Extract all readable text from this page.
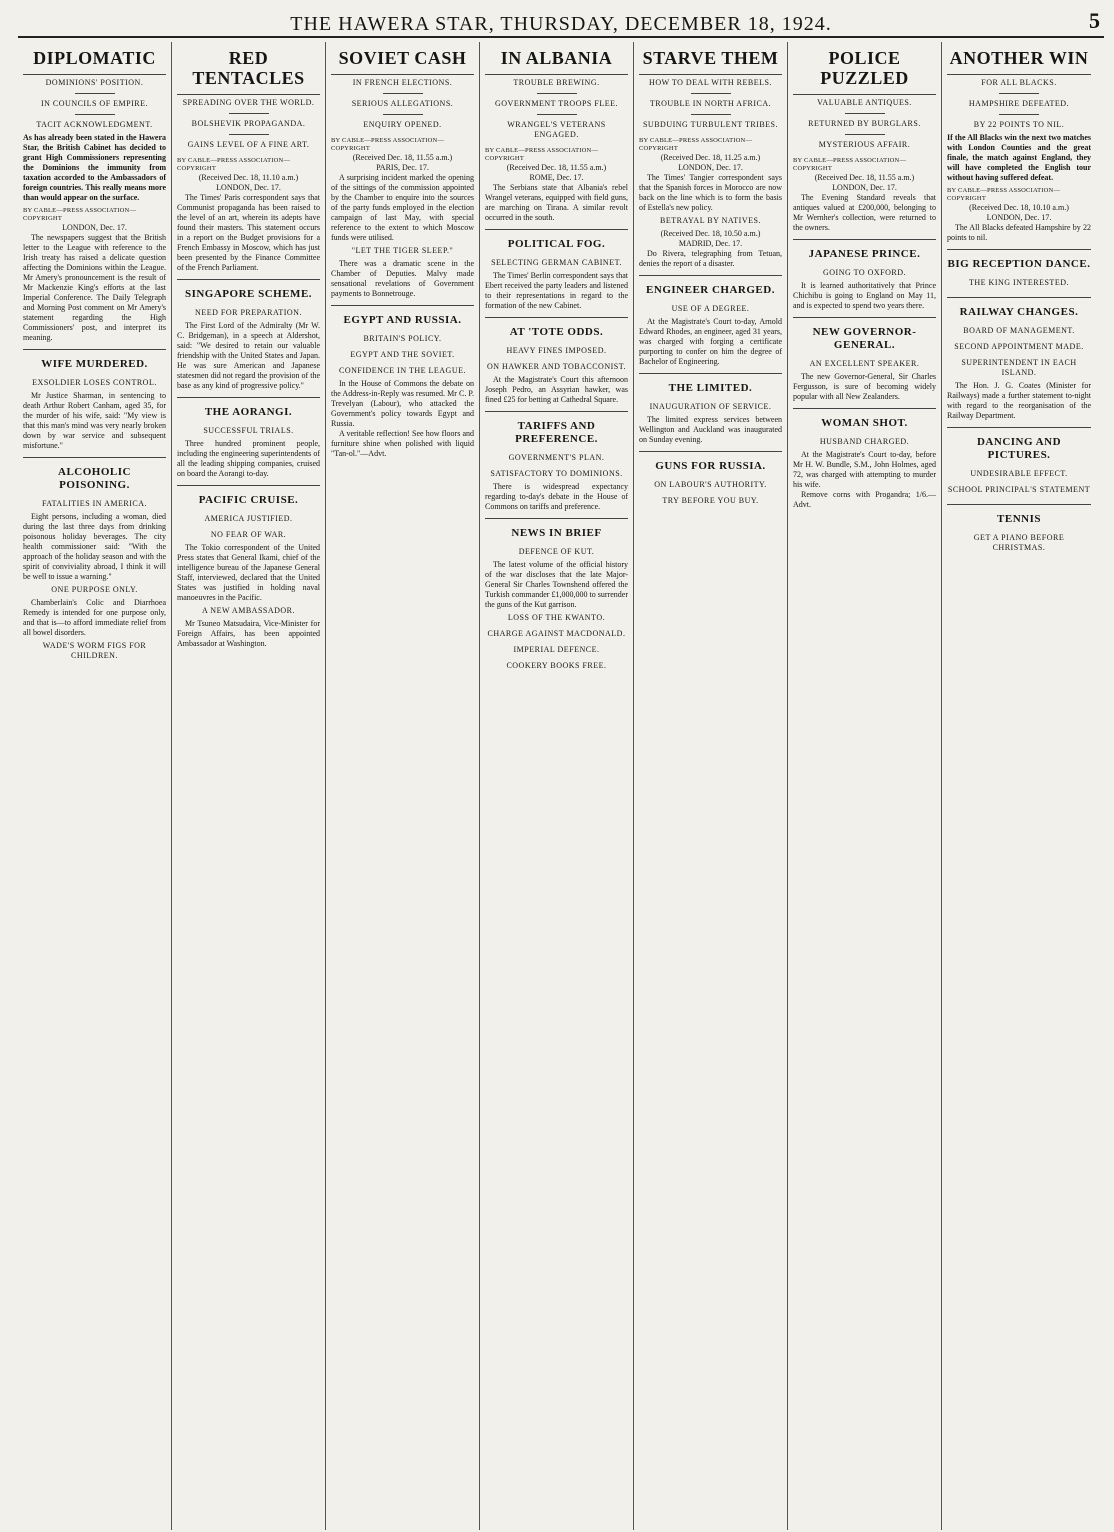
THE HAWERA STAR, THURSDAY, DECEMBER 18, 1924.	5
DIPLOMATIC
DOMINIONS' POSITION.
IN COUNCILS OF EMPIRE.
TACIT ACKNOWLEDGMENT.
As has already been stated in the Hawera Star, the British Cabinet has decided to grant High Commissioners representing the Dominions the immunity from taxation accorded to the Ambassadors of foreign countries. This really means more than would appear on the surface.
BY CABLE—PRESS ASSOCIATION—COPYRIGHT
LONDON, Dec. 17.
The newspapers suggest that the British letter to the League with reference to the Irish treaty has raised a delicate question affecting the Dominions within the League. Mr Amery's pronouncement is the result of Mr Mackenzie King's efforts at the last Imperial Conference. The Daily Telegraph and Morning Post comment on Mr Amery's statement regarding the High Commissioners' post, and interpret its meaning.
WIFE MURDERED.
EXSOLDIER LOSES CONTROL.
Mr Justice Sharman, in sentencing to death Arthur Robert Canham, aged 35, for the murder of his wife, said: "My view is that this man's mind was very nearly broken down by war service and subsequent misfortune."
ALCOHOLIC POISONING.
FATALITIES IN AMERICA.
Eight persons, including a woman, died during the last three days from drinking poisonous holiday beverages. The city health commissioner said: "With the approach of the holiday season and with the spirit of conviviality abroad, I think it will be well to issue a warning."
ONE PURPOSE ONLY.
Chamberlain's Colic and Diarrhoea Remedy is intended for one purpose only, and that is—to afford immediate relief from all bowel disorders.
WADE'S WORM FIGS FOR CHILDREN.
RED TENTACLES
SPREADING OVER THE WORLD.
BOLSHEVIK PROPAGANDA.
GAINS LEVEL OF A FINE ART.
BY CABLE—PRESS ASSOCIATION—COPYRIGHT
(Received Dec. 18, 11.10 a.m.)
LONDON, Dec. 17.
The Times' Paris correspondent says that Communist propaganda has been raised to the level of an art, wherein its adepts have found their masters. This statement occurs in a report on the Budget provisions for a French Embassy in Moscow, which has just been presented by the Finance Committee of the French Parliament.
SINGAPORE SCHEME.
NEED FOR PREPARATION.
The First Lord of the Admiralty (Mr W. C. Bridgeman), in a speech at Aldershot, said: "We desired to retain our valuable friendship with the United States and Japan. He was sure American and Japanese statesmen did not regard the provision of the base as any kind of progressive policy."
THE AORANGI.
SUCCESSFUL TRIALS.
Three hundred prominent people, including the engineering superintendents of all the leading shipping companies, cruised on board the Aorangi to-day.
PACIFIC CRUISE.
AMERICA JUSTIFIED.
NO FEAR OF WAR.
The Tokio correspondent of the United Press states that General Ikami, chief of the intelligence bureau of the Japanese General Staff, interviewed, declared that the United States was justified in holding naval manoeuvres in the Pacific.
A NEW AMBASSADOR.
Mr Tsuneo Matsudaira, Vice-Minister for Foreign Affairs, has been appointed Ambassador at Washington.
SOVIET CASH
IN FRENCH ELECTIONS.
SERIOUS ALLEGATIONS.
ENQUIRY OPENED.
BY CABLE—PRESS ASSOCIATION—COPYRIGHT
(Received Dec. 18, 11.55 a.m.)
PARIS, Dec. 17.
A surprising incident marked the opening of the sittings of the commission appointed by the Chamber to enquire into the sources of the party funds employed in the election campaign of last May, with special reference to the extent to which Moscow funds were utilised.
"LET THE TIGER SLEEP."
There was a dramatic scene in the Chamber of Deputies. Malvy made sensational revelations of Government payments to Bonnetrouge.
EGYPT AND RUSSIA.
BRITAIN'S POLICY.
EGYPT AND THE SOVIET.
CONFIDENCE IN THE LEAGUE.
In the House of Commons the debate on the Address-in-Reply was resumed. Mr C. P. Trevelyan (Labour), who attacked the Government's policy towards Egypt and Russia.
A veritable reflection! See how floors and furniture shine when polished with liquid "Tan-ol."—Advt.
IN ALBANIA
TROUBLE BREWING.
GOVERNMENT TROOPS FLEE.
WRANGEL'S VETERANS ENGAGED.
BY CABLE—PRESS ASSOCIATION—COPYRIGHT
(Received Dec. 18, 11.55 a.m.)
ROME, Dec. 17.
The Serbians state that Albania's rebel Wrangel veterans, equipped with field guns, are marching on Tirana. A similar revolt occurred in the south.
POLITICAL FOG.
SELECTING GERMAN CABINET.
The Times' Berlin correspondent says that Ebert received the party leaders and listened to their representations in regard to the formation of the new Cabinet.
AT 'TOTE ODDS.
HEAVY FINES IMPOSED.
ON HAWKER AND TOBACCONIST.
At the Magistrate's Court this afternoon Joseph Pedro, an Assyrian hawker, was fined £25 for betting at Cathedral Square.
TARIFFS AND PREFERENCE.
GOVERNMENT'S PLAN.
SATISFACTORY TO DOMINIONS.
There is widespread expectancy regarding to-day's debate in the House of Commons on tariffs and preference.
NEWS IN BRIEF
DEFENCE OF KUT.
The latest volume of the official history of the war discloses that the late Major-General Sir Charles Townshend offered the Turkish commander £1,000,000 to surrender the guns of the Kut garrison.
LOSS OF THE KWANTO.
CHARGE AGAINST MACDONALD.
IMPERIAL DEFENCE.
COOKERY BOOKS FREE.
STARVE THEM
HOW TO DEAL WITH REBELS.
TROUBLE IN NORTH AFRICA.
SUBDUING TURBULENT TRIBES.
BY CABLE—PRESS ASSOCIATION—COPYRIGHT
(Received Dec. 18, 11.25 a.m.)
LONDON, Dec. 17.
The Times' Tangier correspondent says that the Spanish forces in Morocco are now back on the line which is to form the basis of Estella's new policy.
BETRAYAL BY NATIVES.
(Received Dec. 18, 10.50 a.m.)
MADRID, Dec. 17.
Do Rivera, telegraphing from Tetuan, denies the report of a disaster.
ENGINEER CHARGED.
USE OF A DEGREE.
At the Magistrate's Court to-day, Arnold Edward Rhodes, an engineer, aged 31 years, was charged with forging a certificate purporting to confer on him the degree of Bachelor of Engineering.
THE LIMITED.
INAUGURATION OF SERVICE.
The limited express services between Wellington and Auckland was inaugurated on Sunday evening.
GUNS FOR RUSSIA.
ON LABOUR'S AUTHORITY.
TRY BEFORE YOU BUY.
POLICE PUZZLED
VALUABLE ANTIQUES.
RETURNED BY BURGLARS.
MYSTERIOUS AFFAIR.
BY CABLE—PRESS ASSOCIATION—COPYRIGHT
(Received Dec. 18, 11.55 a.m.)
LONDON, Dec. 17.
The Evening Standard reveals that antiques valued at £200,000, belonging to Mr Wernher's collection, were returned to the owners.
JAPANESE PRINCE.
GOING TO OXFORD.
It is learned authoritatively that Prince Chichibu is going to England on May 11, and is expected to spend two years there.
NEW GOVERNOR-GENERAL.
AN EXCELLENT SPEAKER.
The new Governor-General, Sir Charles Fergusson, is sure of becoming widely popular with all New Zealanders.
WOMAN SHOT.
HUSBAND CHARGED.
At the Magistrate's Court to-day, before Mr H. W. Bundle, S.M., John Holmes, aged 72, was charged with attempting to murder his wife.
Remove corns with Progandra; 1/6.—Advt.
ANOTHER WIN
FOR ALL BLACKS.
HAMPSHIRE DEFEATED.
BY 22 POINTS TO NIL.
If the All Blacks win the next two matches with London Counties and the great finale, the match against England, they will have completed the English tour without having suffered defeat.
BY CABLE—PRESS ASSOCIATION—COPYRIGHT
(Received Dec. 18, 10.10 a.m.)
LONDON, Dec. 17.
The All Blacks defeated Hampshire by 22 points to nil.
BIG RECEPTION DANCE.
THE KING INTERESTED.
RAILWAY CHANGES.
BOARD OF MANAGEMENT.
SECOND APPOINTMENT MADE.
SUPERINTENDENT IN EACH ISLAND.
The Hon. J. G. Coates (Minister for Railways) made a further statement to-night with regard to the reorganisation of the Railway Department.
DANCING AND PICTURES.
UNDESIRABLE EFFECT.
SCHOOL PRINCIPAL'S STATEMENT
TENNIS
GET A PIANO BEFORE CHRISTMAS.
